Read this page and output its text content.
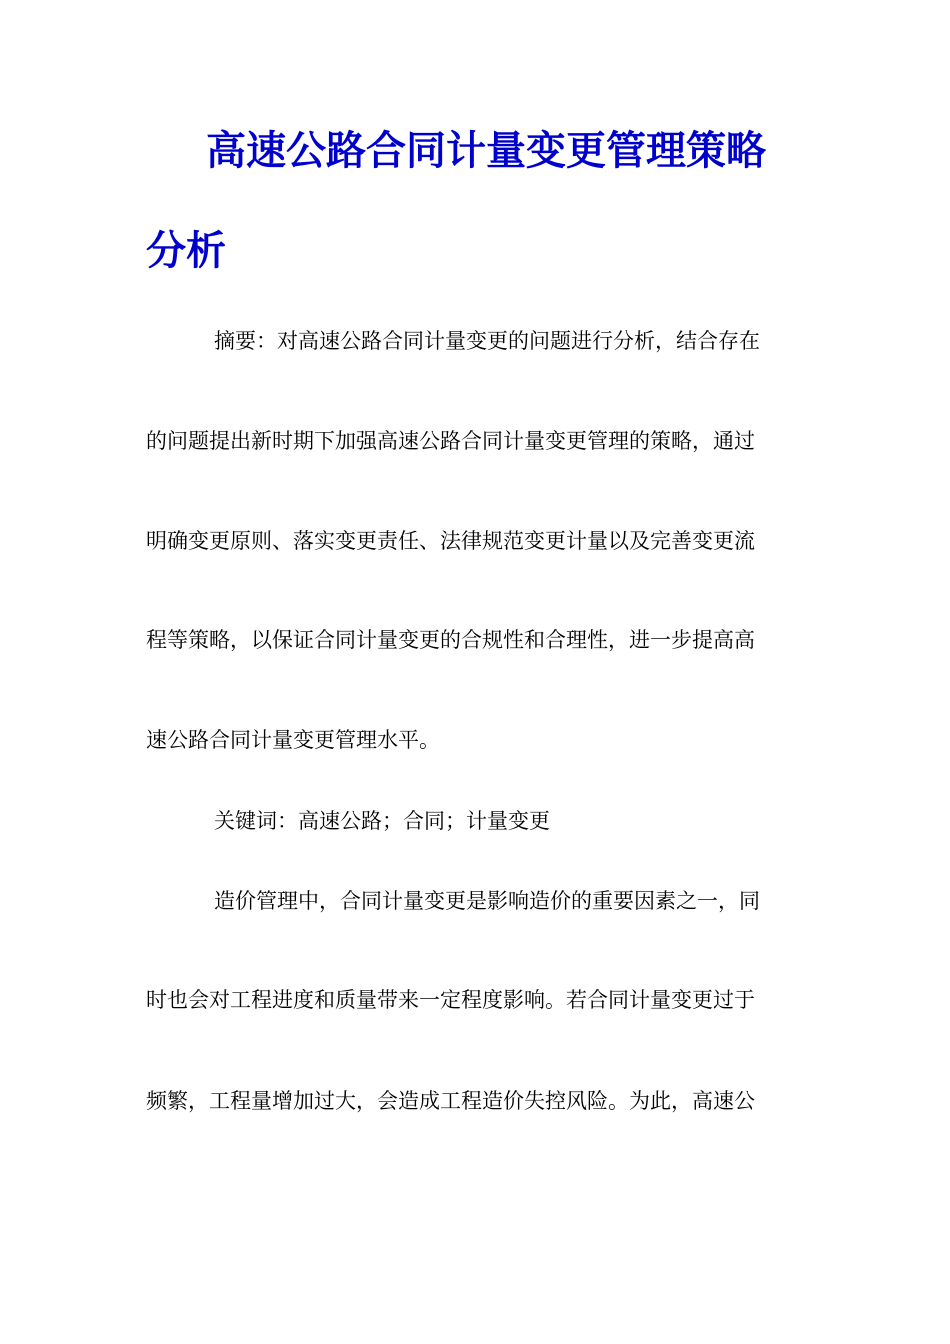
高速公路合同计量变更管理策略
分析

摘要：对高速公路合同计量变更的问题进行分析，结合存在

的问题提出新时期下加强高速公路合同计量变更管理的策略，通过

明确变更原则、落实变更责任、法律规范变更计量以及完善变更流

程等策略，以保证合同计量变更的合规性和合理性，进一步提高高

速公路合同计量变更管理水平。

关键词：高速公路；合同；计量变更

造价管理中，合同计量变更是影响造价的重要因素之一，同

时也会对工程进度和质量带来一定程度影响。若合同计量变更过于

频繁，工程量增加过大，会造成工程造价失控风险。为此，高速公
